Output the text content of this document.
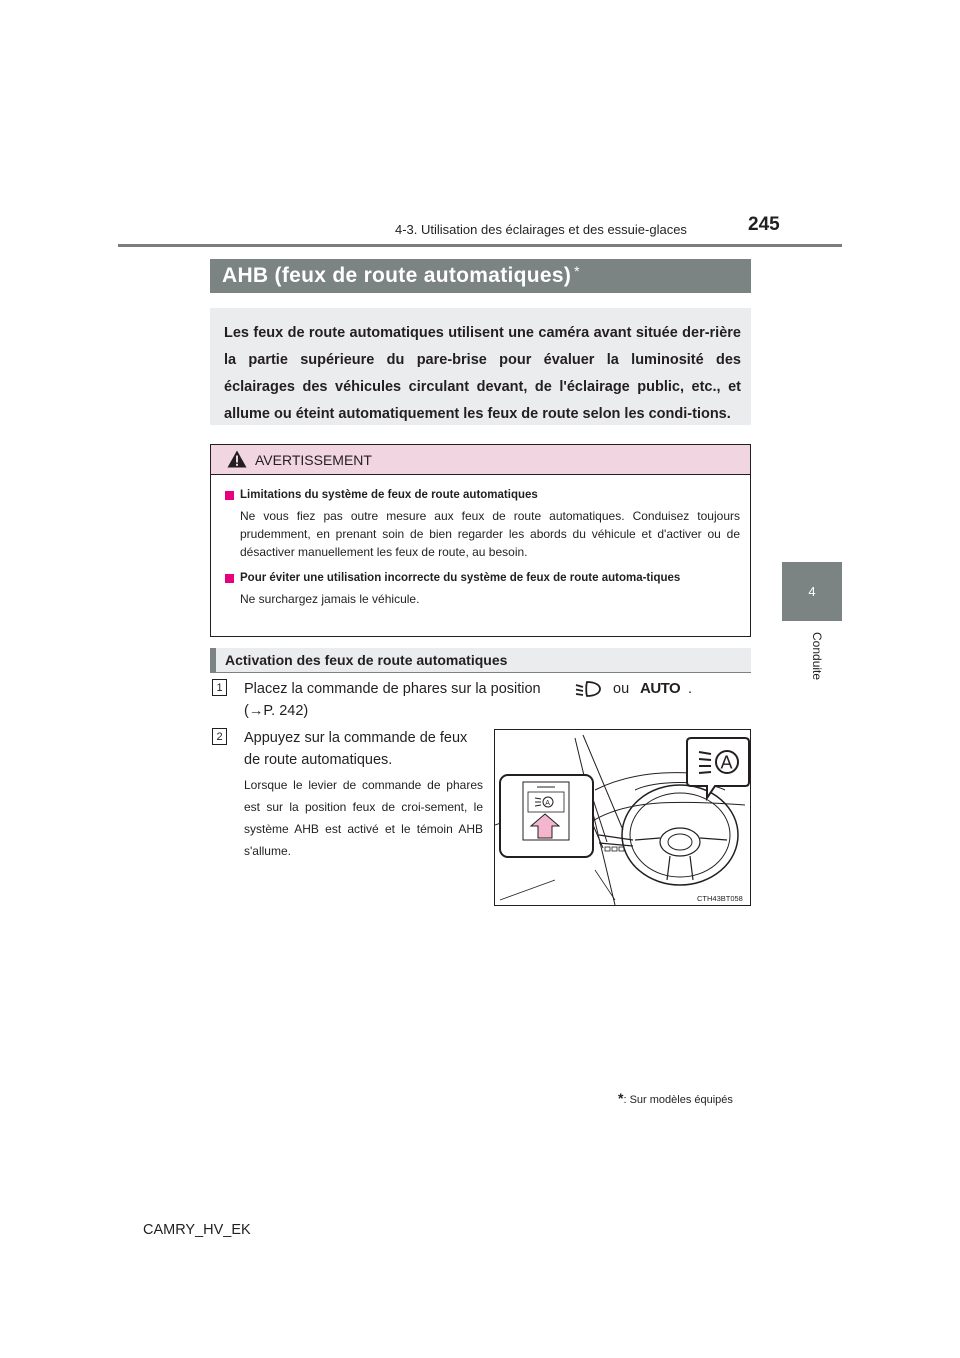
4-3. Utilisation des éclairages et des essuie-glaces	245
4
Conduite
AHB (feux de route automatiques) *
Les feux de route automatiques utilisent une caméra avant située der-rière la partie supérieure du pare-brise pour évaluer la luminosité des éclairages des véhicules circulant devant, de l'éclairage public, etc., et allume ou éteint automatiquement les feux de route selon les condi-tions.
AVERTISSEMENT
Limitations du système de feux de route automatiques
Ne vous fiez pas outre mesure aux feux de route automatiques. Conduisez toujours prudemment, en prenant soin de bien regarder les abords du véhicule et d'activer ou de désactiver manuellement les feux de route, au besoin.
Pour éviter une utilisation incorrecte du système de feux de route automa-tiques
Ne surchargez jamais le véhicule.
Activation des feux de route automatiques
1	Placez la commande de phares sur la position	ou AUTO .
(→P. 242)
2	Appuyez sur la commande de feux de route automatiques.
Lorsque le levier de commande de phares est sur la position feux de croi-sement, le système AHB est activé et le témoin AHB s'allume.
A
A
CTH43BT058
*: Sur modèles équipés
CAMRY_HV_EK
